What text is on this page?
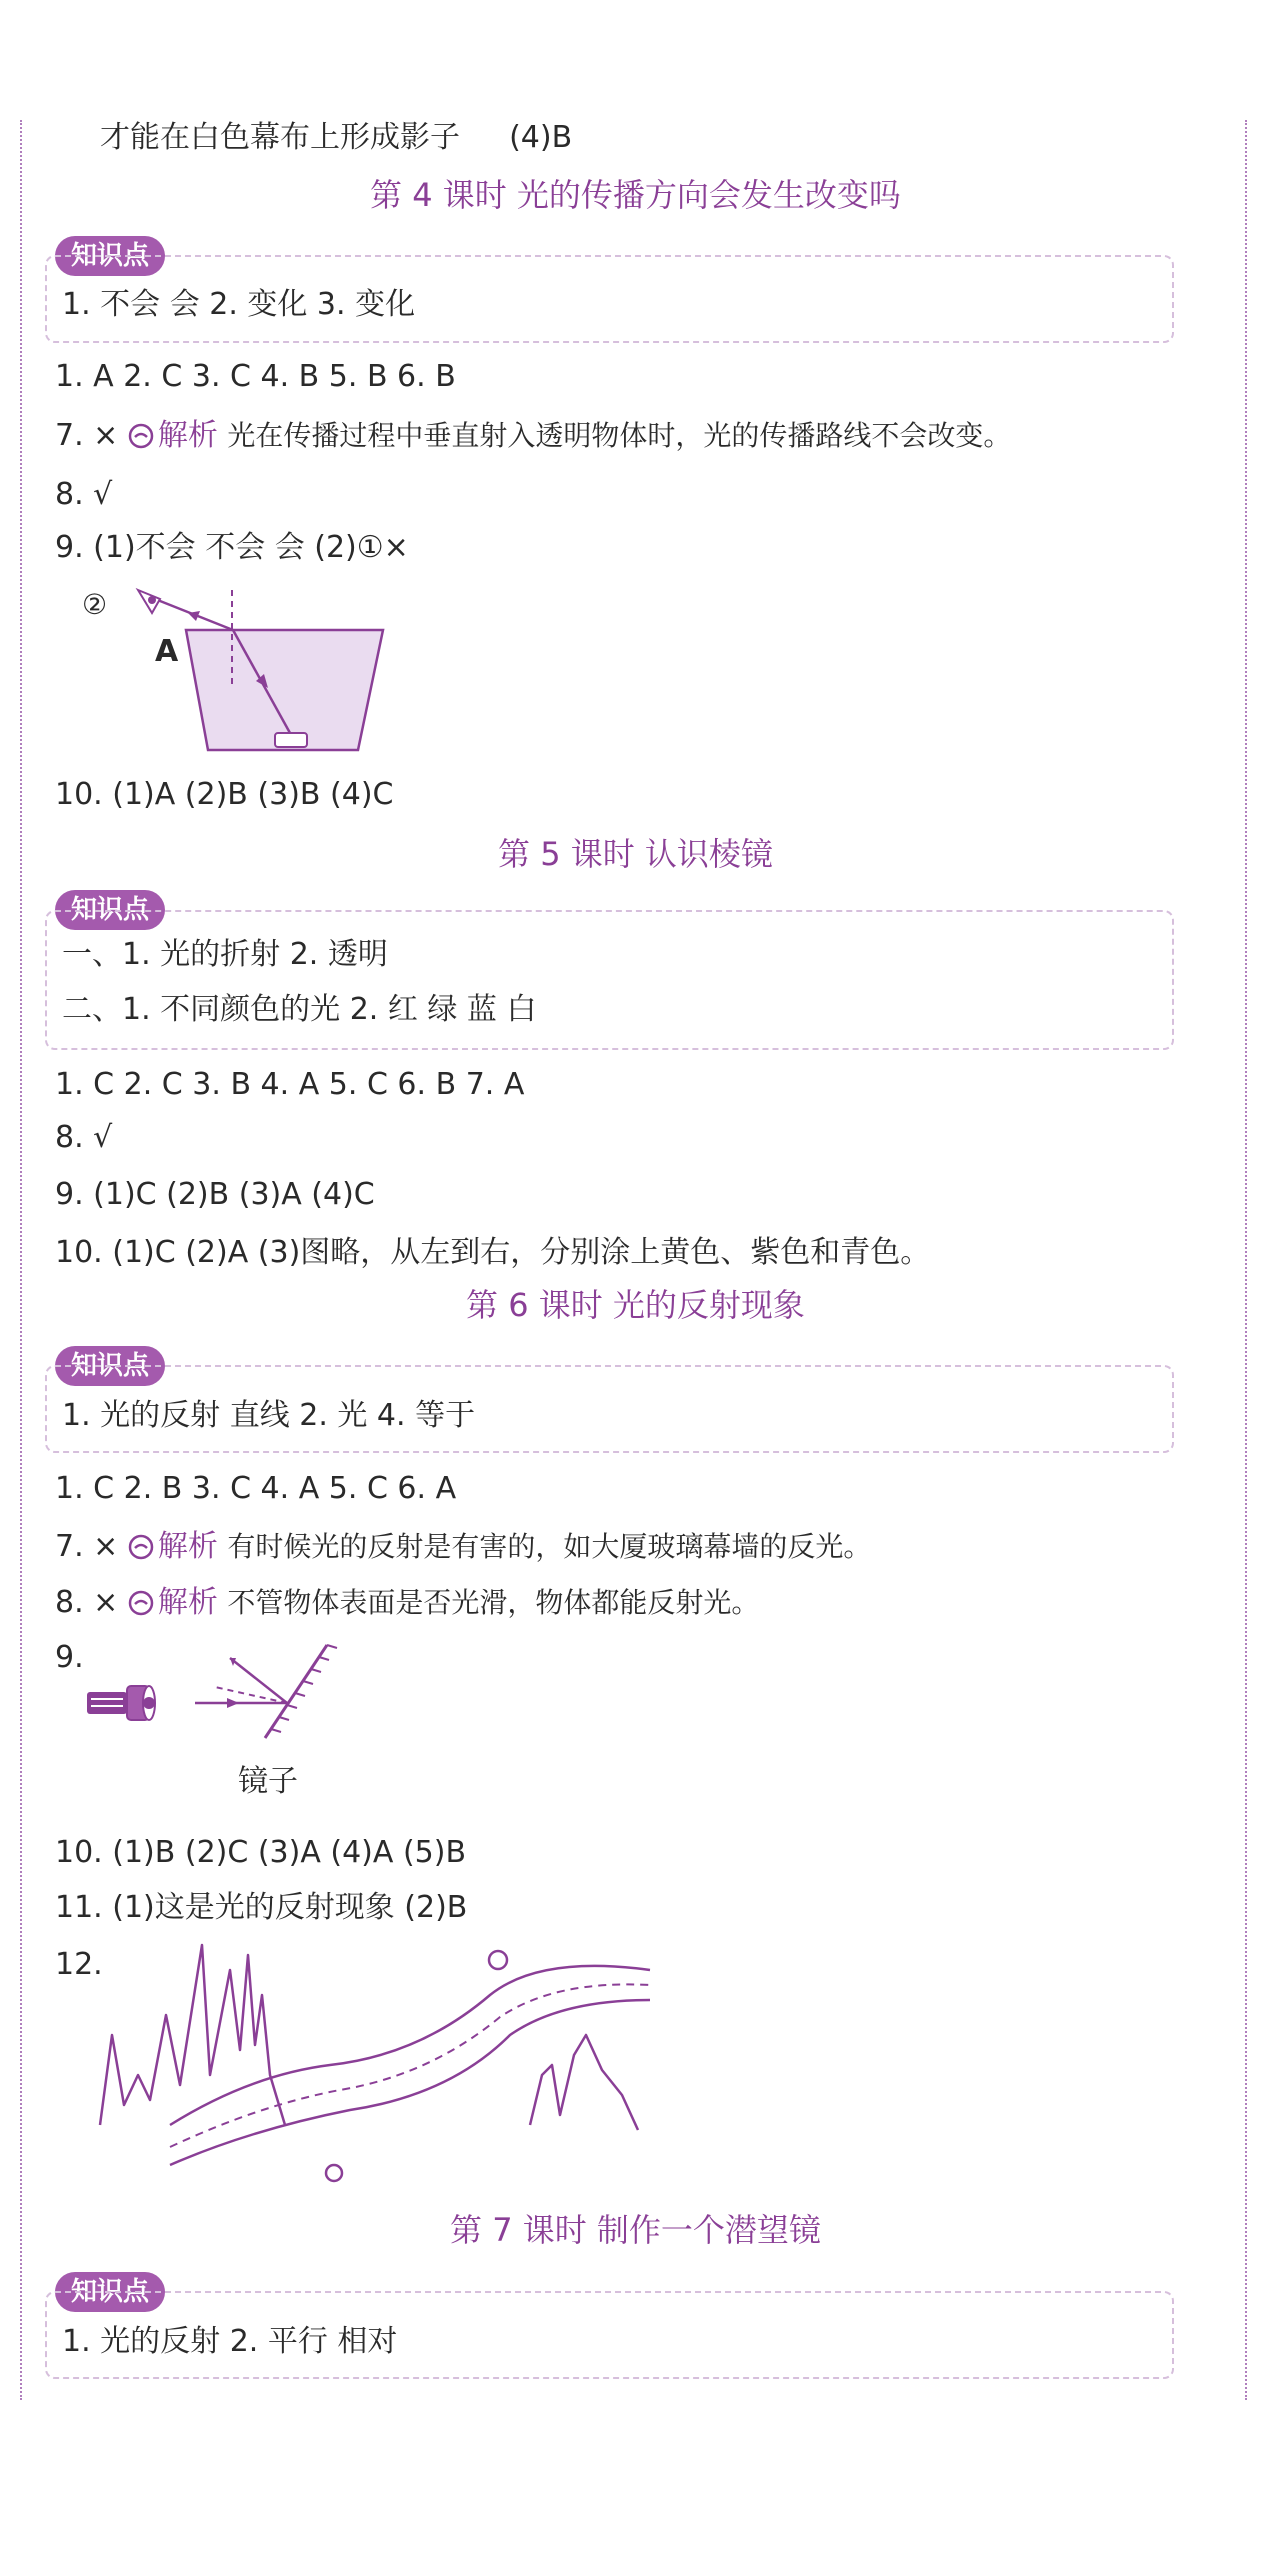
才能在白色幕布上形成影子 (4)B
第 4 课时 光的传播方向会发生改变吗
知识点
1. 不会 会 2. 变化 3. 变化
1. A 2. C 3. C 4. B 5. B 6. B
7. × 解析 光在传播过程中垂直射入透明物体时，光的传播路线不会改变。
8. √
9. (1)不会 不会 会 (2)①×
②
A
10. (1)A (2)B (3)B (4)C
第 5 课时 认识棱镜
知识点
一、1. 光的折射 2. 透明
二、1. 不同颜色的光 2. 红 绿 蓝 白
1. C 2. C 3. B 4. A 5. C 6. B 7. A
8. √
9. (1)C (2)B (3)A (4)C
10. (1)C (2)A (3)图略，从左到右，分别涂上黄色、紫色和青色。
第 6 课时 光的反射现象
知识点
1. 光的反射 直线 2. 光 4. 等于
1. C 2. B 3. C 4. A 5. C 6. A
7. × 解析 有时候光的反射是有害的，如大厦玻璃幕墙的反光。
8. × 解析 不管物体表面是否光滑，物体都能反射光。
9.
镜子
10. (1)B (2)C (3)A (4)A (5)B
11. (1)这是光的反射现象 (2)B
12.
第 7 课时 制作一个潜望镜
知识点
1. 光的反射 2. 平行 相对
